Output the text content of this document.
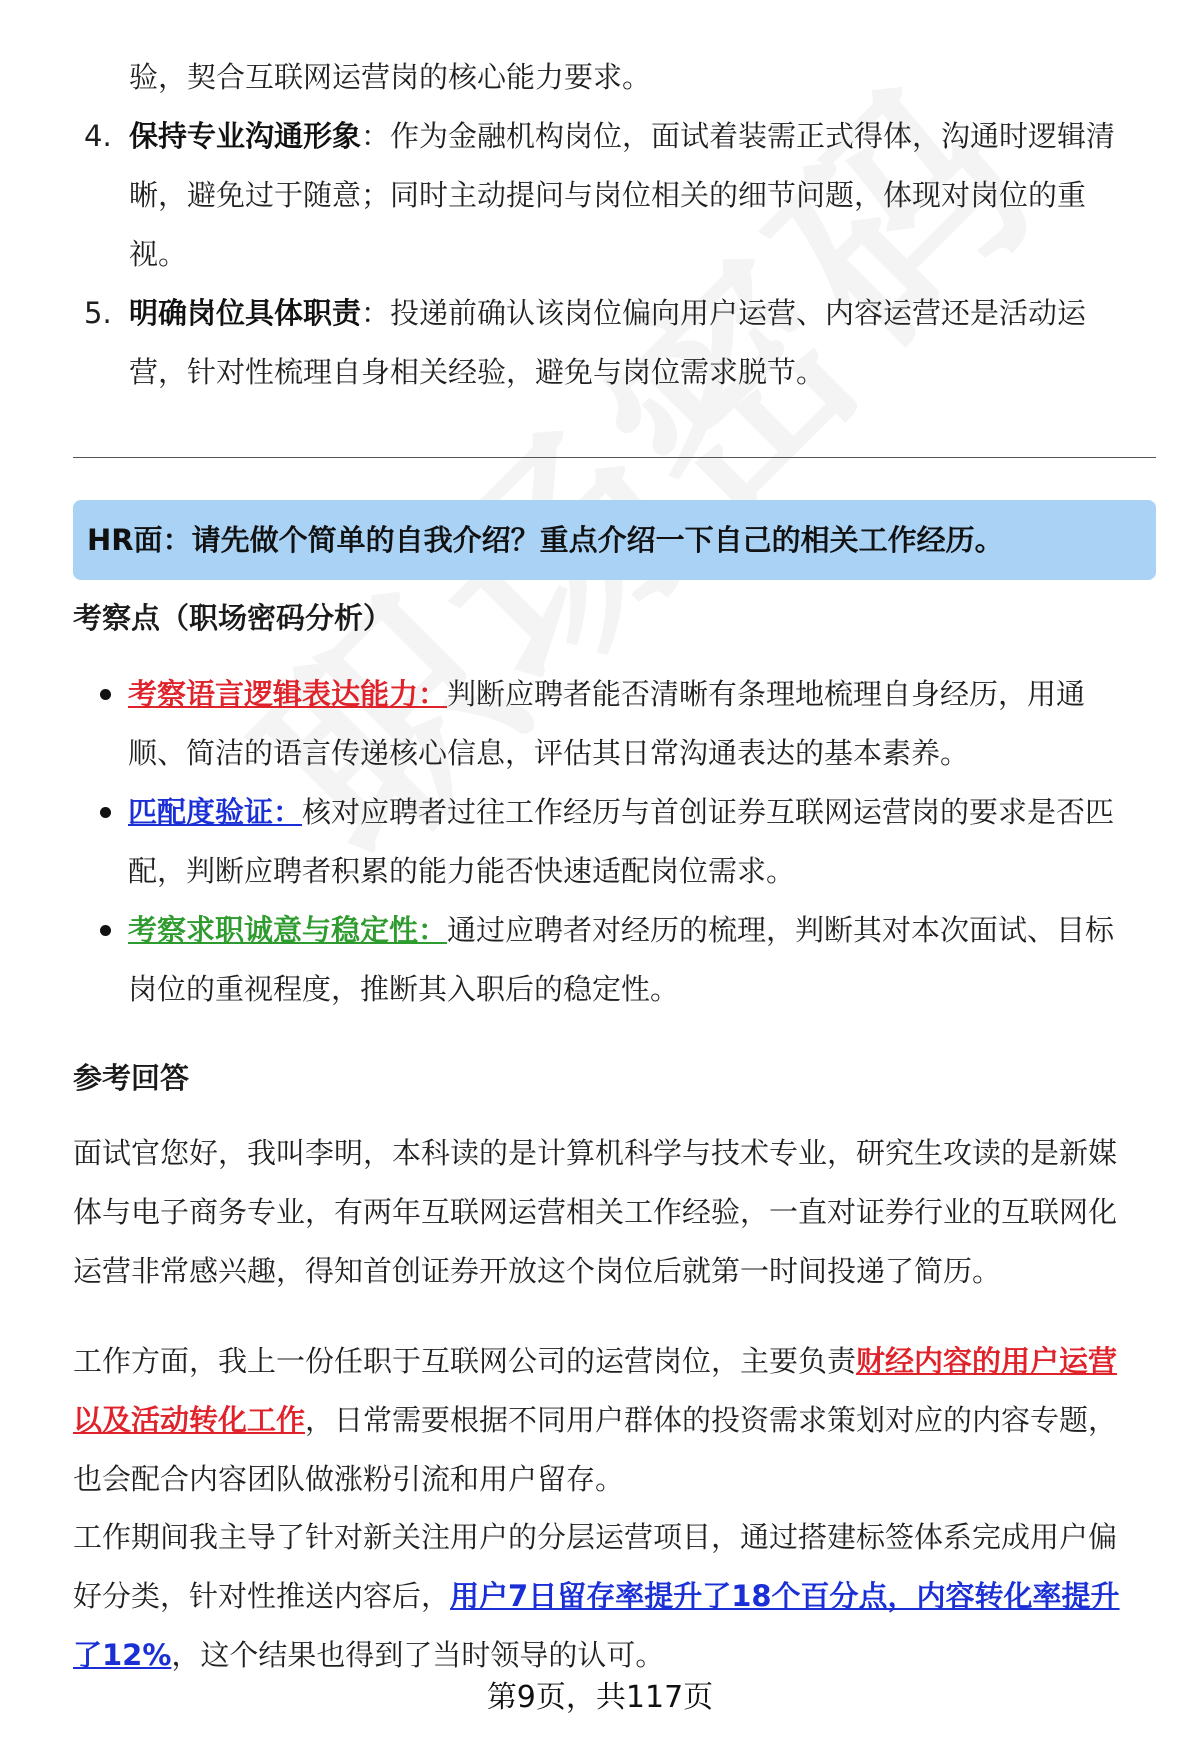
验，契合互联网运营岗的核心能力要求。
4. 保持专业沟通形象：作为金融机构岗位，面试着装需正式得体，沟通时逻辑清
晰，避免过于随意；同时主动提问与岗位相关的细节问题，体现对岗位的重
视。
5. 明确岗位具体职责：投递前确认该岗位偏向用户运营、内容运营还是活动运
营，针对性梳理自身相关经验，避免与岗位需求脱节。
HR面：请先做个简单的自我介绍？重点介绍一下自己的相关工作经历。
考察点（职场密码分析）
考察语言逻辑表达能力：判断应聘者能否清晰有条理地梳理自身经历，用通
顺、简洁的语言传递核心信息，评估其日常沟通表达的基本素养。
匹配度验证：核对应聘者过往工作经历与首创证券互联网运营岗的要求是否匹
配，判断应聘者积累的能力能否快速适配岗位需求。
考察求职诚意与稳定性：通过应聘者对经历的梳理，判断其对本次面试、目标
岗位的重视程度，推断其入职后的稳定性。
参考回答
面试官您好，我叫李明，本科读的是计算机科学与技术专业，研究生攻读的是新媒
体与电子商务专业，有两年互联网运营相关工作经验，一直对证券行业的互联网化
运营非常感兴趣，得知首创证券开放这个岗位后就第一时间投递了简历。
工作方面，我上一份任职于互联网公司的运营岗位，主要负责财经内容的用户运营
以及活动转化工作，日常需要根据不同用户群体的投资需求策划对应的内容专题，
也会配合内容团队做涨粉引流和用户留存。
工作期间我主导了针对新关注用户的分层运营项目，通过搭建标签体系完成用户偏
好分类，针对性推送内容后，用户7日留存率提升了18个百分点，内容转化率提升
了12%，这个结果也得到了当时领导的认可。
第9页，共117页
